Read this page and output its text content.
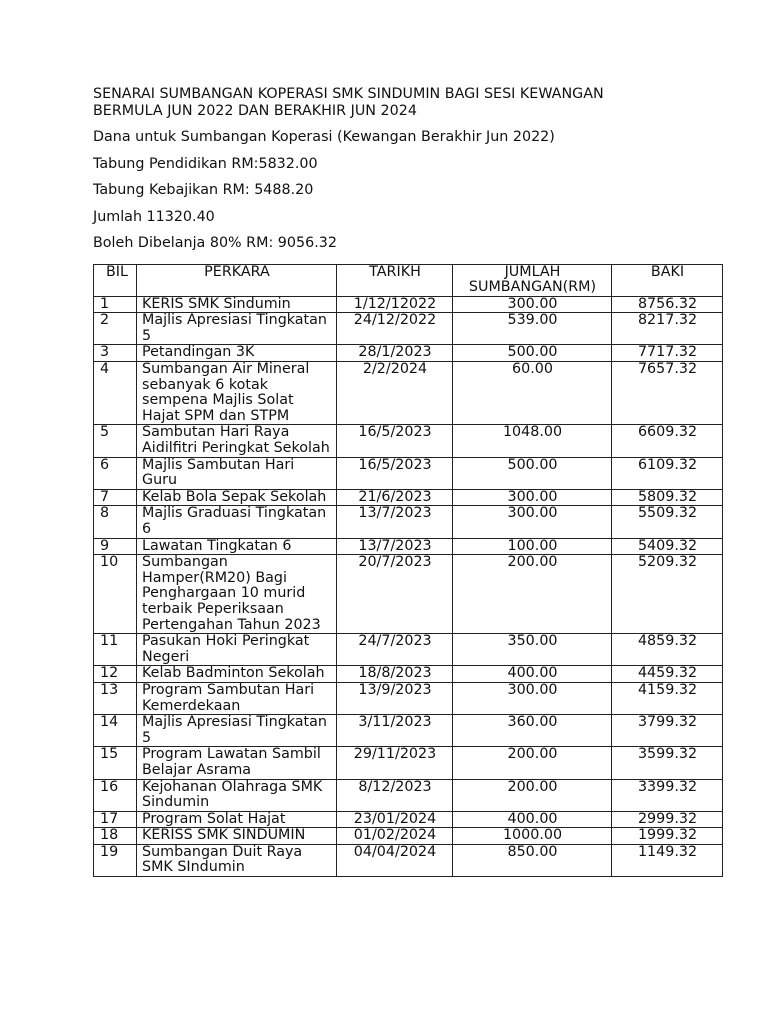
SENARAI SUMBANGAN KOPERASI SMK SINDUMIN BAGI SESI KEWANGAN
BERMULA JUN 2022 DAN BERAKHIR JUN 2024

Dana untuk Sumbangan Koperasi (Kewangan Berakhir Jun 2022)

Tabung Pendidikan RM:5832.00

Tabung Kebajikan RM: 5488.20

Jumlah 11320.40

Boleh Dibelanja 80% RM: 9056.32

BIL	PERKARA	TARIKH	JUMLAH SUMBANGAN(RM)	BAKI
1	KERIS SMK Sindumin	1/12/12022	300.00	8756.32
2	Majlis Apresiasi Tingkatan 5	24/12/2022	539.00	8217.32
3	Petandingan 3K	28/1/2023	500.00	7717.32
4	Sumbangan Air Mineral sebanyak 6 kotak sempena Majlis Solat Hajat SPM dan STPM	2/2/2024	60.00	7657.32
5	Sambutan Hari Raya Aidilfitri Peringkat Sekolah	16/5/2023	1048.00	6609.32
6	Majlis Sambutan Hari Guru	16/5/2023	500.00	6109.32
7	Kelab Bola Sepak Sekolah	21/6/2023	300.00	5809.32
8	Majlis Graduasi Tingkatan 6	13/7/2023	300.00	5509.32
9	Lawatan Tingkatan 6	13/7/2023	100.00	5409.32
10	Sumbangan Hamper(RM20) Bagi Penghargaan 10 murid terbaik Peperiksaan Pertengahan Tahun 2023	20/7/2023	200.00	5209.32
11	Pasukan Hoki Peringkat Negeri	24/7/2023	350.00	4859.32
12	Kelab Badminton Sekolah	18/8/2023	400.00	4459.32
13	Program Sambutan Hari Kemerdekaan	13/9/2023	300.00	4159.32
14	Majlis Apresiasi Tingkatan 5	3/11/2023	360.00	3799.32
15	Program Lawatan Sambil Belajar Asrama	29/11/2023	200.00	3599.32
16	Kejohanan Olahraga SMK Sindumin	8/12/2023	200.00	3399.32
17	Program Solat Hajat	23/01/2024	400.00	2999.32
18	KERISS SMK SINDUMIN	01/02/2024	1000.00	1999.32
19	Sumbangan Duit Raya SMK SIndumin	04/04/2024	850.00	1149.32
